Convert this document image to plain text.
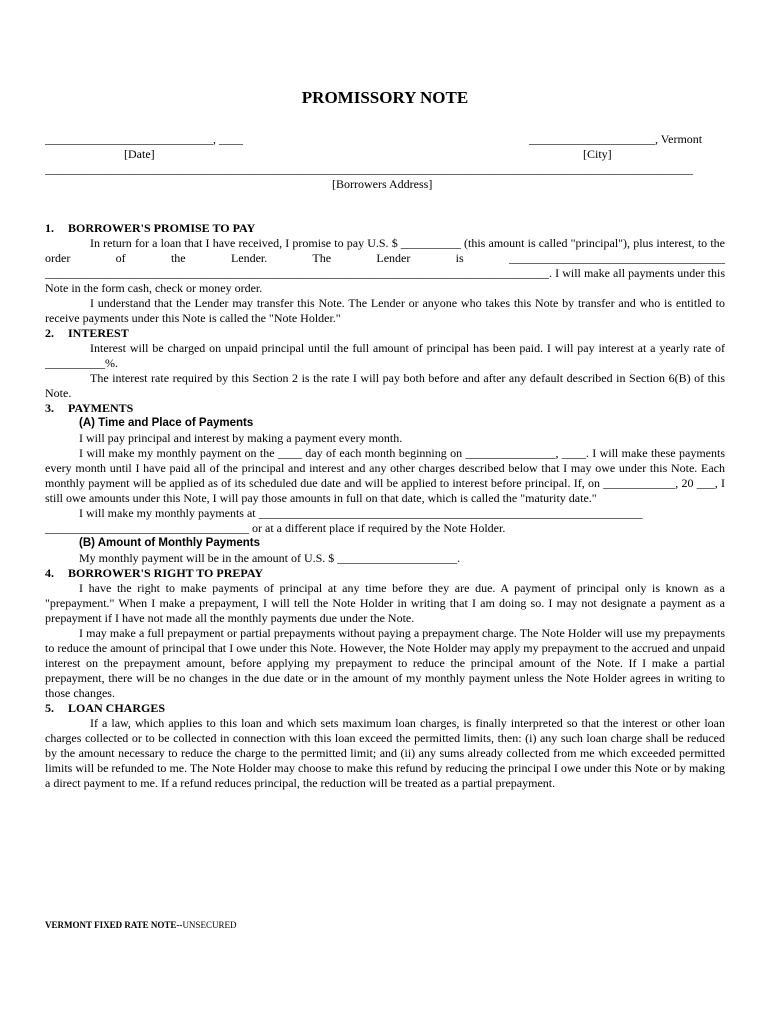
PROMISSORY NOTE
____________________________, ____
[Date]
_____________________, Vermont
[City]
____________________________________________________________________________________________________________
[Borrowers Address]

1. BORROWER'S PROMISE TO PAY

In return for a loan that I have received, I promise to pay U.S. $ __________ (this amount is called "principal"), plus interest, to the order of the Lender. The Lender is ____________________________________ ____________________________________________________________________________________. I will make all payments under this Note in the form cash, check or money order.

I understand that the Lender may transfer this Note. The Lender or anyone who takes this Note by transfer and who is entitled to receive payments under this Note is called the "Note Holder."

2. INTEREST

Interest will be charged on unpaid principal until the full amount of principal has been paid. I will pay interest at a yearly rate of __________%.

The interest rate required by this Section 2 is the rate I will pay both before and after any default described in Section 6(B) of this Note.

3. PAYMENTS

(A) Time and Place of Payments

I will pay principal and interest by making a payment every month.

I will make my monthly payment on the ____ day of each month beginning on _______________, ____. I will make these payments every month until I have paid all of the principal and interest and any other charges described below that I may owe under this Note. Each monthly payment will be applied as of its scheduled due date and will be applied to interest before principal. If, on ____________, 20 ___, I still owe amounts under this Note, I will pay those amounts in full on that date, which is called the "maturity date."

I will make my monthly payments at ________________________________________________________________

__________________________________ or at a different place if required by the Note Holder.

(B) Amount of Monthly Payments

My monthly payment will be in the amount of U.S. $ ____________________.

4. BORROWER'S RIGHT TO PREPAY

I have the right to make payments of principal at any time before they are due. A payment of principal only is known as a "prepayment." When I make a prepayment, I will tell the Note Holder in writing that I am doing so. I may not designate a payment as a prepayment if I have not made all the monthly payments due under the Note.

I may make a full prepayment or partial prepayments without paying a prepayment charge. The Note Holder will use my prepayments to reduce the amount of principal that I owe under this Note. However, the Note Holder may apply my prepayment to the accrued and unpaid interest on the prepayment amount, before applying my prepayment to reduce the principal amount of the Note. If I make a partial prepayment, there will be no changes in the due date or in the amount of my monthly payment unless the Note Holder agrees in writing to those changes.

5. LOAN CHARGES

If a law, which applies to this loan and which sets maximum loan charges, is finally interpreted so that the interest or other loan charges collected or to be collected in connection with this loan exceed the permitted limits, then: (i) any such loan charge shall be reduced by the amount necessary to reduce the charge to the permitted limit; and (ii) any sums already collected from me which exceeded permitted limits will be refunded to me. The Note Holder may choose to make this refund by reducing the principal I owe under this Note or by making a direct payment to me. If a refund reduces principal, the reduction will be treated as a partial prepayment.

VERMONT FIXED RATE NOTE--UNSECURED
